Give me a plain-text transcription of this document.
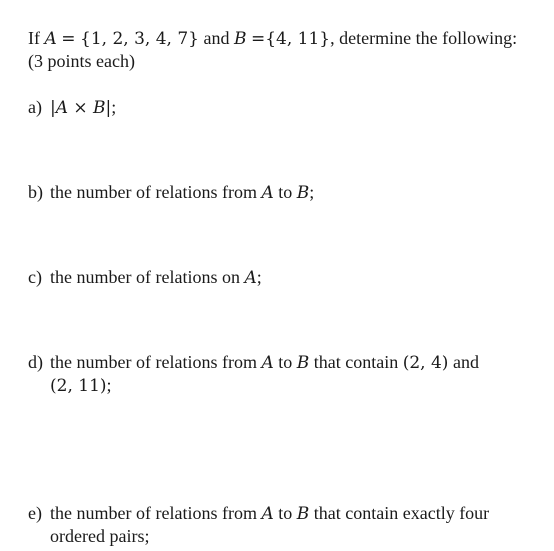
If A = {1, 2, 3, 4, 7} and B ={4, 11}, determine the following:
(3 points each)
a) |A × B|;
b) the number of relations from A to B;
c) the number of relations on A;
d) the number of relations from A to B that contain (2, 4) and
(2, 11);
e) the number of relations from A to B that contain exactly four
ordered pairs;
